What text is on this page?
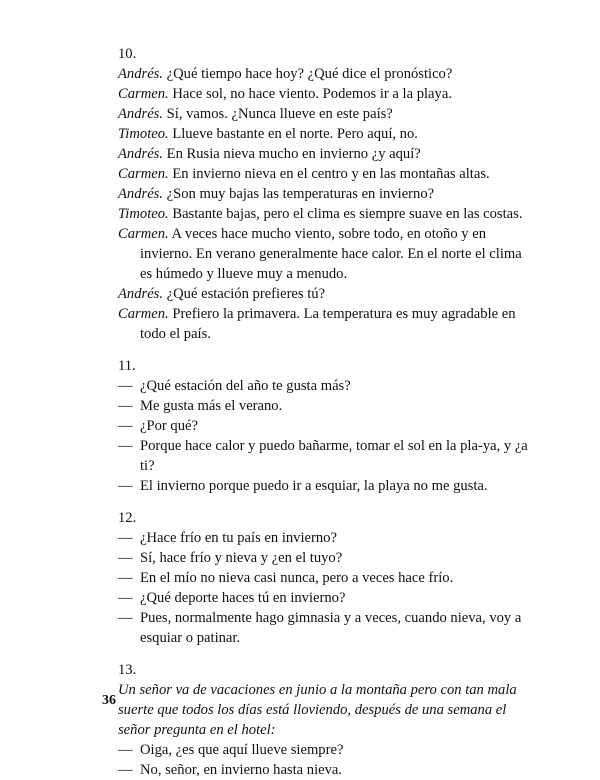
10.

Andrés. ¿Qué tiempo hace hoy? ¿Qué dice el pronóstico?

Carmen. Hace sol, no hace viento. Podemos ir a la playa.

Andrés. Sí, vamos. ¿Nunca llueve en este país?

Timoteo. Llueve bastante en el norte. Pero aquí, no.

Andrés. En Rusia nieva mucho en invierno ¿y aquí?

Carmen. En invierno nieva en el centro y en las montañas altas.

Andrés. ¿Son muy bajas las temperaturas en invierno?

Timoteo. Bastante bajas, pero el clima es siempre suave en las costas.

Carmen. A veces hace mucho viento, sobre todo, en otoño y en invierno. En verano generalmente hace calor. En el norte el clima es húmedo y llueve muy a menudo.

Andrés. ¿Qué estación prefieres tú?

Carmen. Prefiero la primavera. La temperatura es muy agradable en todo el país.

11.

— ¿Qué estación del año te gusta más?

— Me gusta más el verano.

— ¿Por qué?

— Porque hace calor y puedo bañarme, tomar el sol en la pla-ya, y ¿a ti?

— El invierno porque puedo ir a esquiar, la playa no me gusta.

12.

— ¿Hace frío en tu país en invierno?

— Sí, hace frío y nieva y ¿en el tuyo?

— En el mío no nieva casi nunca, pero a veces hace frío.

— ¿Qué deporte haces tú en invierno?

— Pues, normalmente hago gimnasia y a veces, cuando nieva, voy a esquiar o patinar.

13.

Un señor va de vacaciones en junio a la montaña pero con tan mala suerte que todos los días está lloviendo, después de una semana el señor pregunta en el hotel:

— Oiga, ¿es que aquí llueve siempre?

— No, señor, en invierno hasta nieva.

36
